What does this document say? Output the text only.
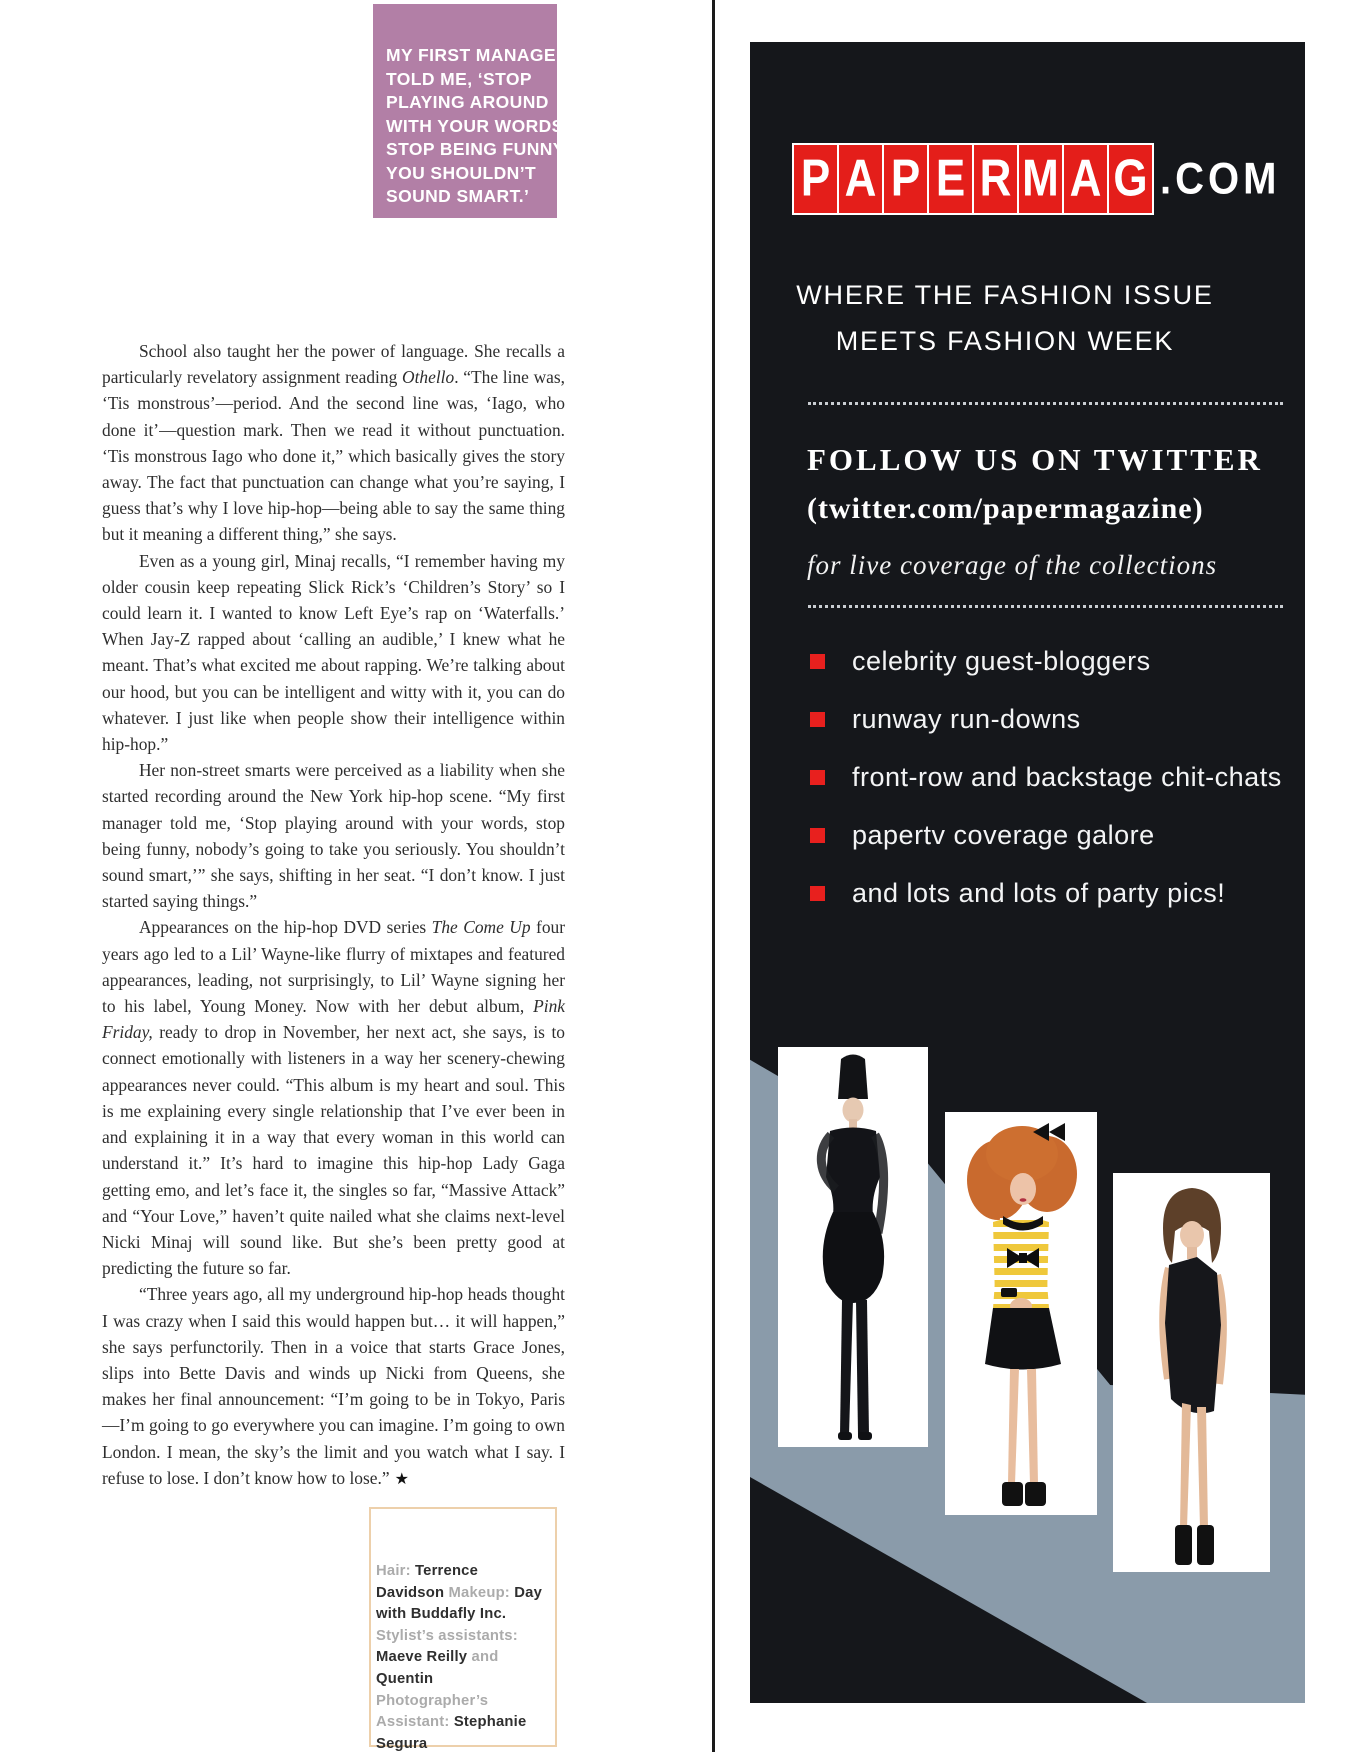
MY FIRST MANAGER
TOLD ME, ‘STOP
PLAYING AROUND
WITH YOUR WORDS,
STOP BEING FUNNY...
YOU SHOULDN’T
SOUND SMART.’

School also taught her the power of language. She recalls a particularly revelatory assignment reading Othello. “The line was, ‘Tis monstrous’—period. And the second line was, ‘Iago, who done it’—question mark. Then we read it without punctuation. ‘Tis monstrous Iago who done it,” which basically gives the story away. The fact that punctuation can change what you’re saying, I guess that’s why I love hip-hop—being able to say the same thing but it meaning a different thing,” she says.

Even as a young girl, Minaj recalls, “I remember having my older cousin keep repeating Slick Rick’s ‘Children’s Story’ so I could learn it. I wanted to know Left Eye’s rap on ‘Waterfalls.’ When Jay-Z rapped about ‘calling an audible,’ I knew what he meant. That’s what excited me about rapping. We’re talking about our hood, but you can be intelligent and witty with it, you can do whatever. I just like when people show their intelligence within hip-hop.”

Her non-street smarts were perceived as a liability when she started recording around the New York hip-hop scene. “My first manager told me, ‘Stop playing around with your words, stop being funny, nobody’s going to take you seriously. You shouldn’t sound smart,’” she says, shifting in her seat. “I don’t know. I just started saying things.”

Appearances on the hip-hop DVD series The Come Up four years ago led to a Lil’ Wayne-like flurry of mixtapes and featured appearances, leading, not surprisingly, to Lil’ Wayne signing her to his label, Young Money. Now with her debut album, Pink Friday, ready to drop in November, her next act, she says, is to connect emotionally with listeners in a way her scenery-chewing appearances never could. “This album is my heart and soul. This is me explaining every single relationship that I’ve ever been in and explaining it in a way that every woman in this world can understand it.” It’s hard to imagine this hip-hop Lady Gaga getting emo, and let’s face it, the singles so far, “Massive Attack” and “Your Love,” haven’t quite nailed what she claims next-level Nicki Minaj will sound like. But she’s been pretty good at predicting the future so far.

“Three years ago, all my underground hip-hop heads thought I was crazy when I said this would happen but… it will happen,” she says perfunctorily. Then in a voice that starts Grace Jones, slips into Bette Davis and winds up Nicki from Queens, she makes her final announcement: “I’m going to be in Tokyo, Paris—I’m going to go everywhere you can imagine. I’m going to own London. I mean, the sky’s the limit and you watch what I say. I refuse to lose. I don’t know how to lose.” ★

Hair: Terrence Davidson Makeup: Day with Buddafly Inc. Stylist’s assistants: Maeve Reilly and Quentin Photographer’s Assistant: Stephanie Segura
P A P E R M A G .COM
WHERE THE FASHION ISSUE
MEETS FASHION WEEK
FOLLOW US ON TWITTER
(twitter.com/papermagazine)
for live coverage of the collections
celebrity guest-bloggers
runway run-downs
front-row and backstage chit-chats
papertv coverage galore
and lots and lots of party pics!
